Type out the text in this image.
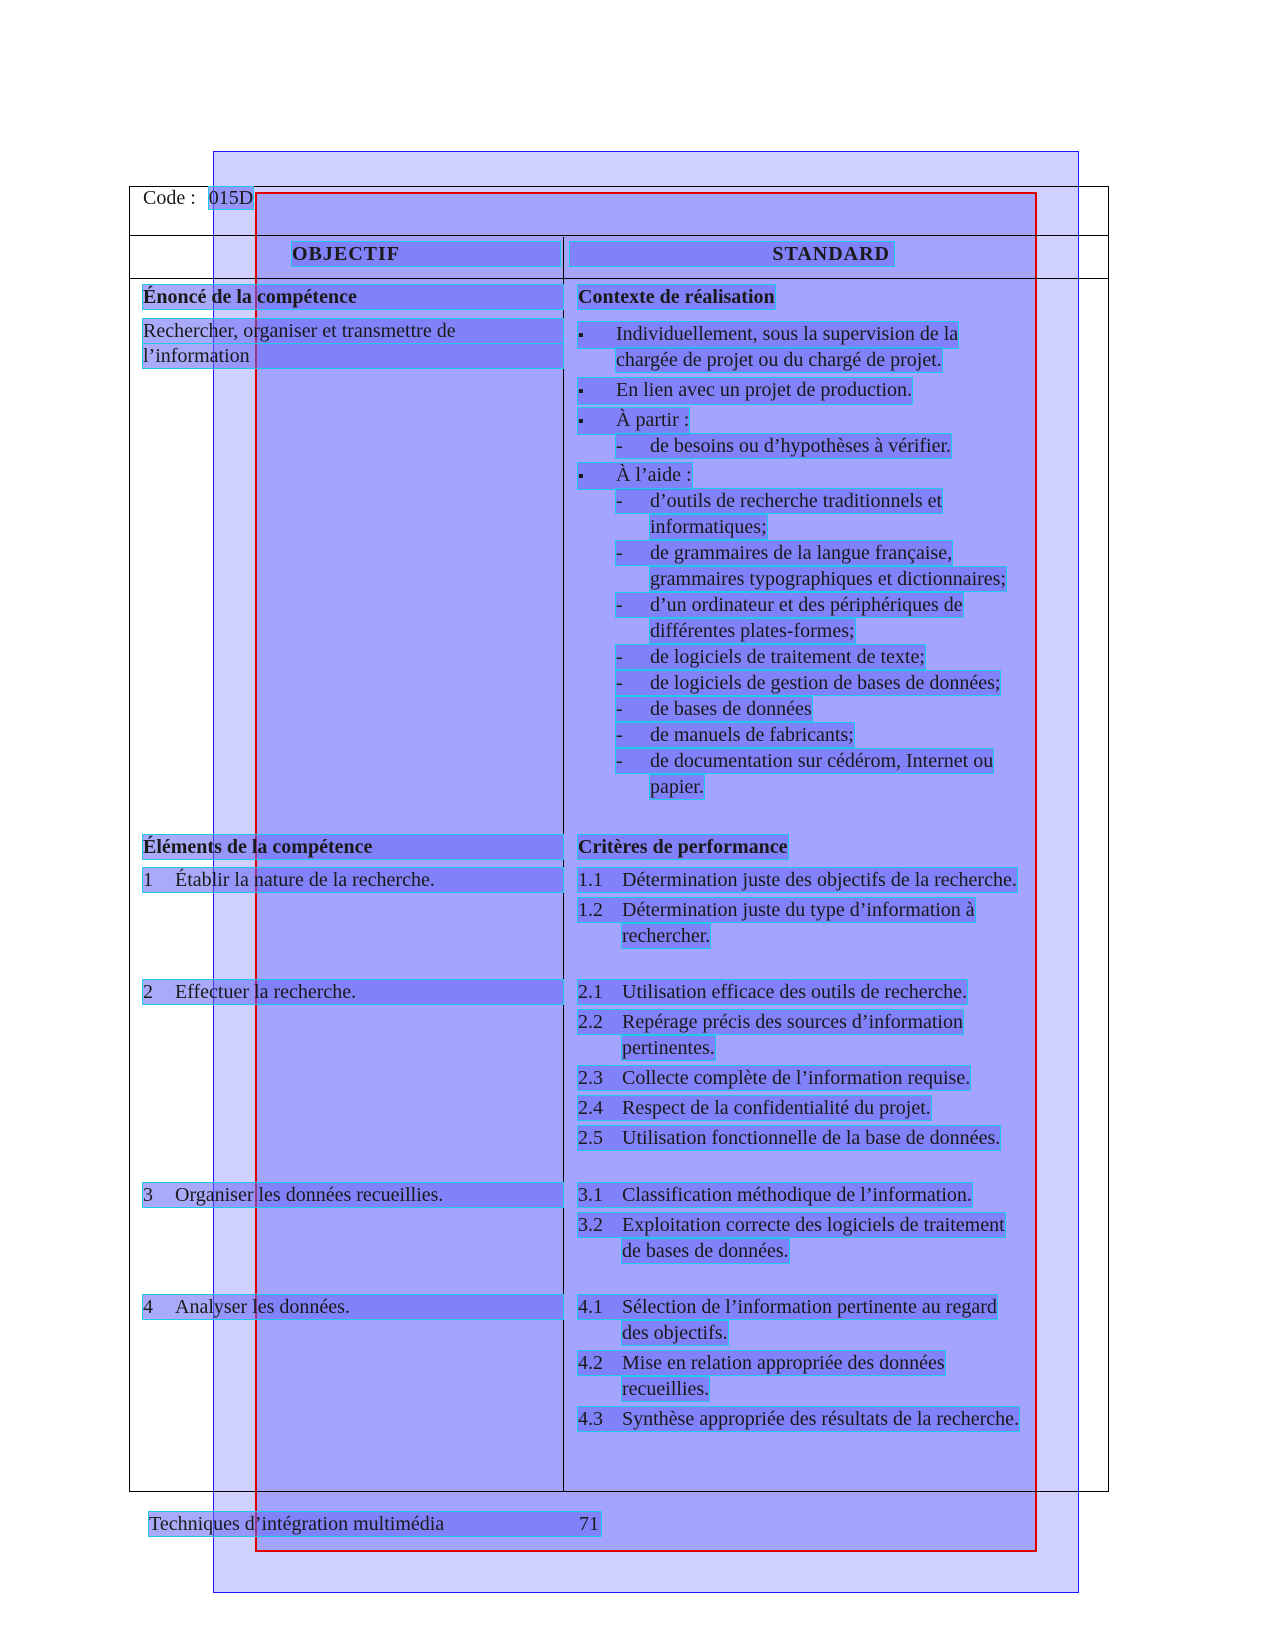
Code : 015D
OBJECTIF	STANDARD
Énoncé de la compétence
Rechercher, organiser et transmettre de
l’information
Contexte de réalisation
▪Individuellement, sous la supervision de la
chargée de projet ou du chargé de projet.
▪En lien avec un projet de production.
▪À partir :
- de besoins ou d’hypothèses à vérifier.
▪À l’aide :
- d’outils de recherche traditionnels et
informatiques;
- de grammaires de la langue française,
grammaires typographiques et dictionnaires;
- d’un ordinateur et des périphériques de
différentes plates-formes;
- de logiciels de traitement de texte;
- de logiciels de gestion de bases de données;
- de bases de données
- de manuels de fabricants;
- de documentation sur cédérom, Internet ou
papier.
Éléments de la compétence
1 Établir la nature de la recherche.
2 Effectuer la recherche.
3 Organiser les données recueillies.
4 Analyser les données.
Critères de performance
1.1 Détermination juste des objectifs de la recherche.
1.2 Détermination juste du type d’information à
rechercher.
2.1 Utilisation efficace des outils de recherche.
2.2 Repérage précis des sources d’information
pertinentes.
2.3 Collecte complète de l’information requise.
2.4 Respect de la confidentialité du projet.
2.5 Utilisation fonctionnelle de la base de données.
3.1 Classification méthodique de l’information.
3.2 Exploitation correcte des logiciels de traitement
de bases de données.
4.1 Sélection de l’information pertinente au regard
des objectifs.
4.2 Mise en relation appropriée des données
recueillies.
4.3 Synthèse appropriée des résultats de la recherche.
Techniques d’intégration multimédia	71
